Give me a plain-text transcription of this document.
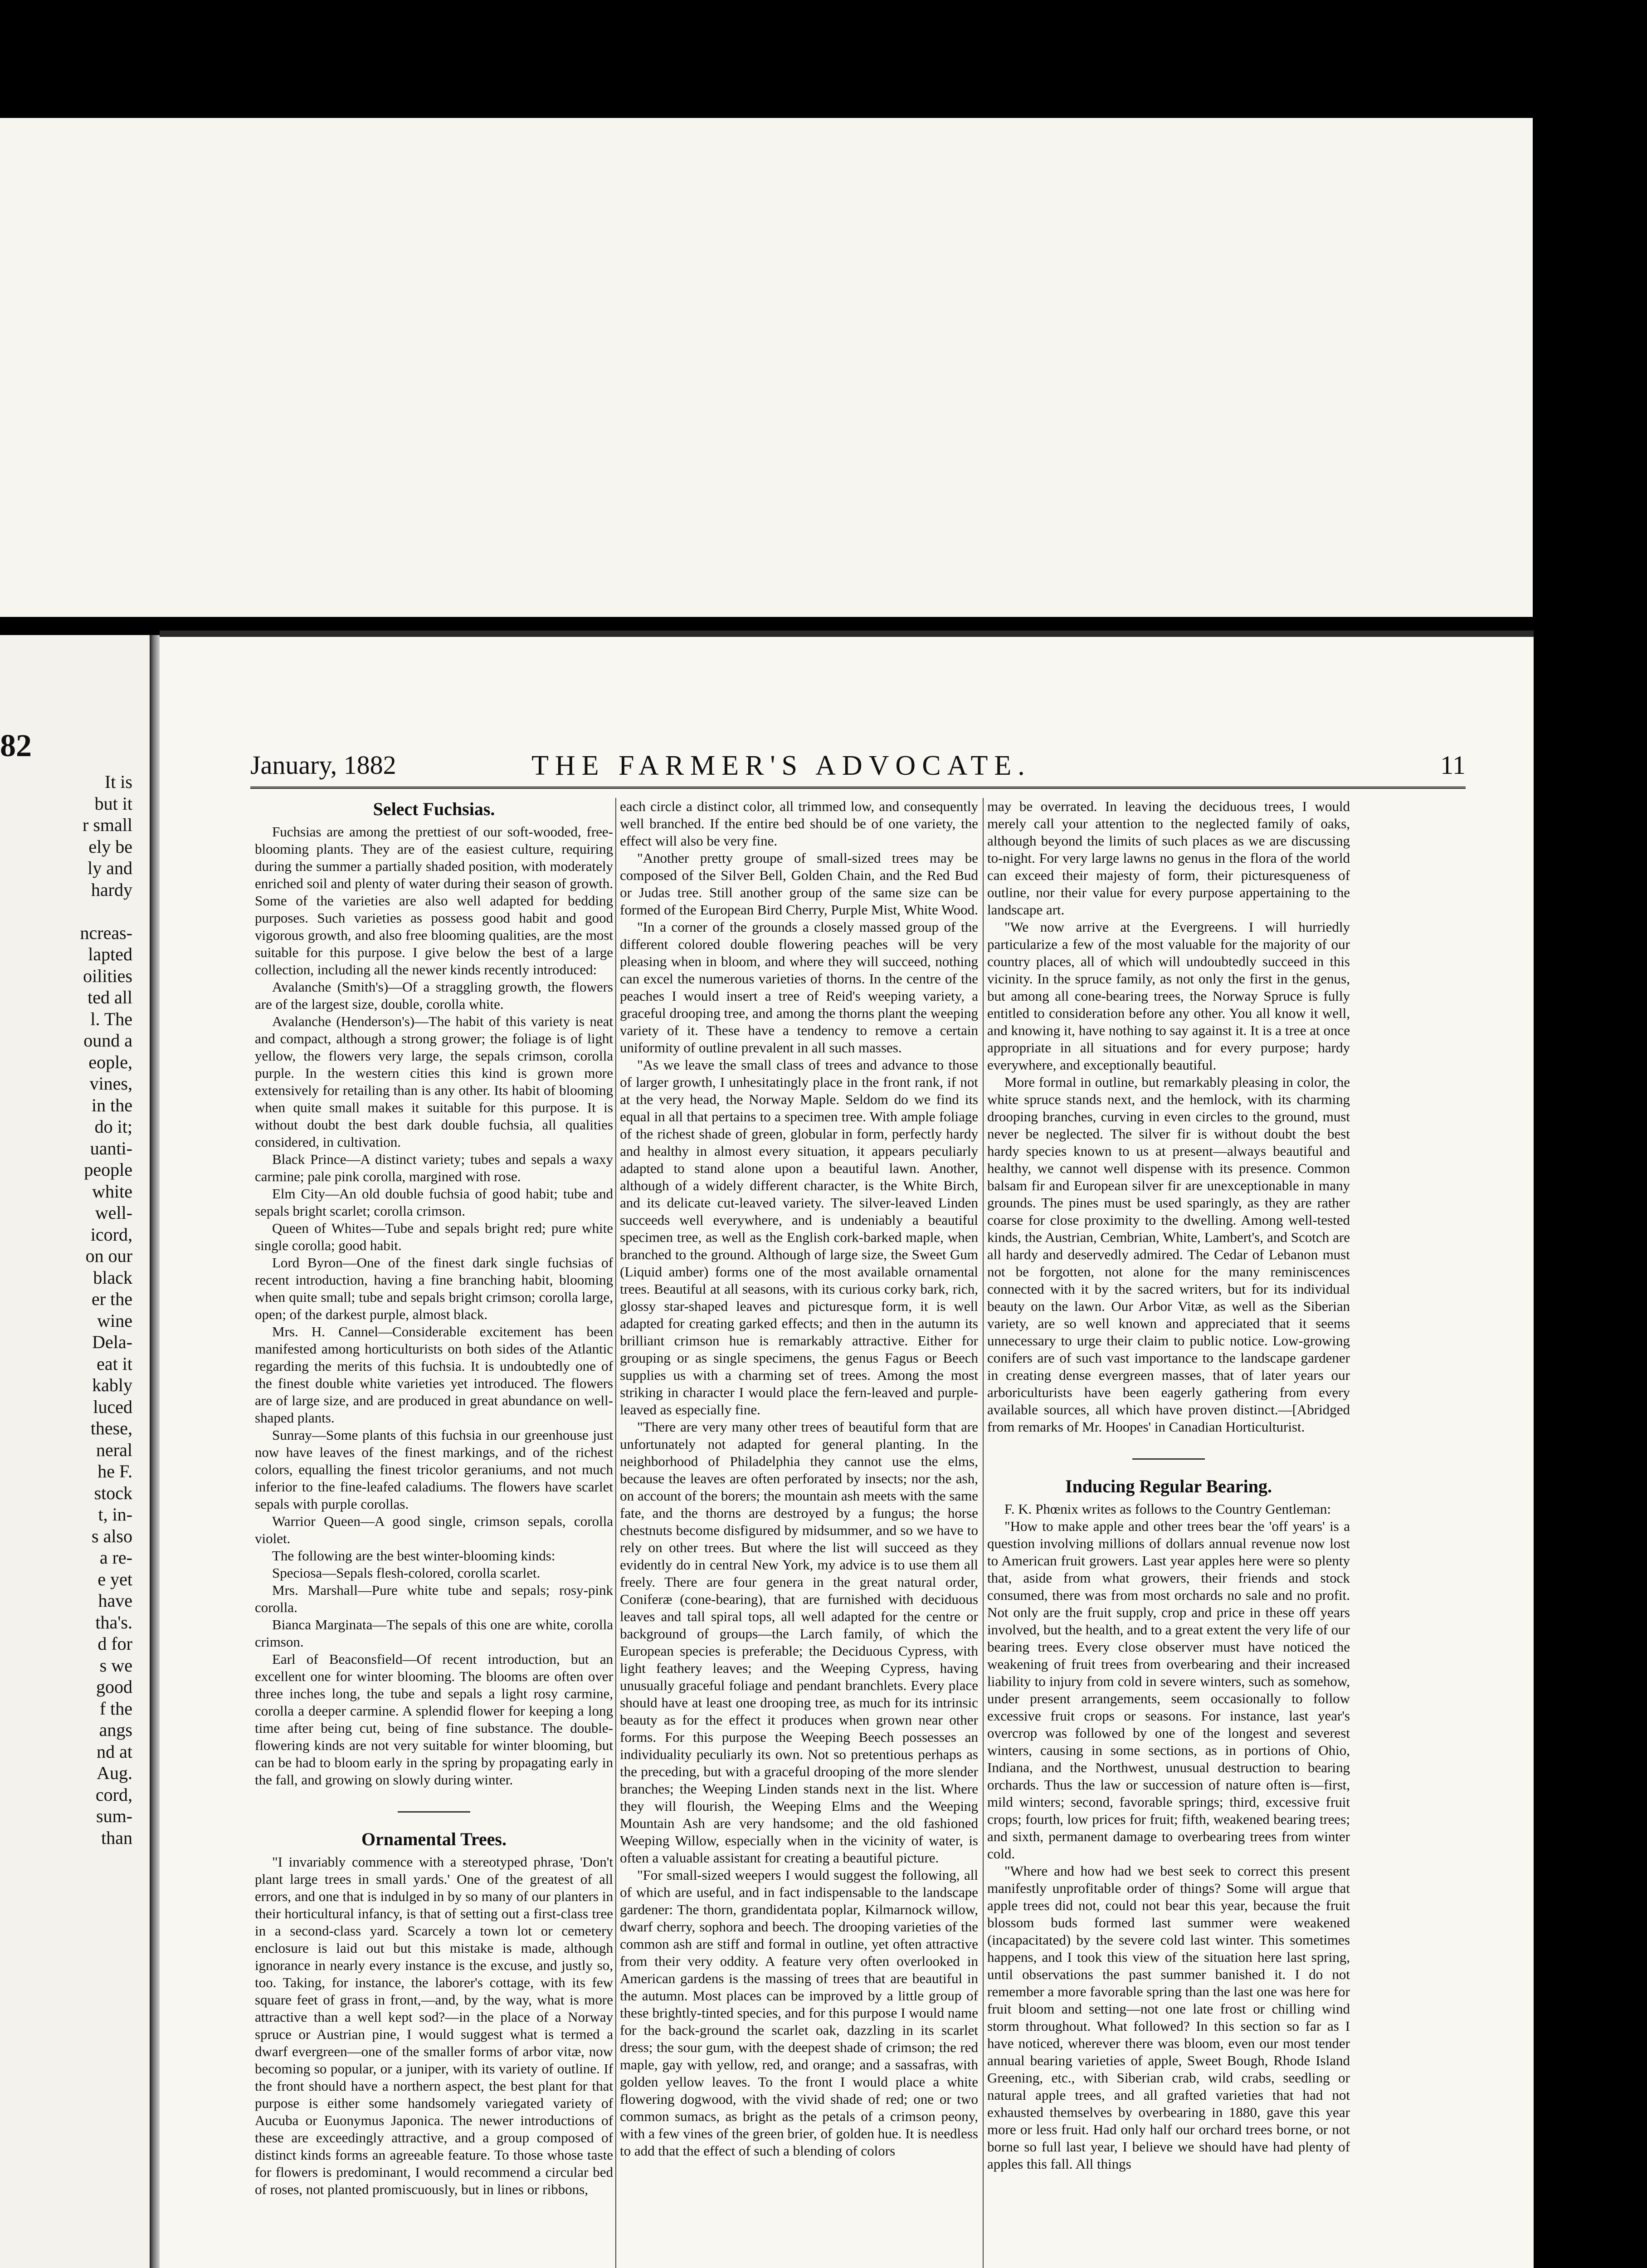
82
It is
but it
r small
ely be
ly and
hardy

ncreas-
lapted
oilities
ted all
l. The
ound a
eople,
vines,
in the
do it;
uanti-
people
white
well-
icord,
on our
black
er the
wine
Dela-
eat it
kably
luced
these,
neral
he F.
stock
t, in-
s also
a re-
e yet
have
tha's.
d for
s we
good
f the
angs
nd at
Aug.
cord,
sum-
than
January, 1882	THE FARMER'S ADVOCATE.	11
Select Fuchsias.

Fuchsias are among the prettiest of our soft-wooded, free-blooming plants. They are of the easiest culture, requiring during the summer a partially shaded position, with moderately enriched soil and plenty of water during their season of growth. Some of the varieties are also well adapted for bedding purposes. Such varieties as possess good habit and good vigorous growth, and also free blooming qualities, are the most suitable for this purpose. I give below the best of a large collection, including all the newer kinds recently introduced:

Avalanche (Smith's)—Of a straggling growth, the flowers are of the largest size, double, corolla white.

Avalanche (Henderson's)—The habit of this variety is neat and compact, although a strong grower; the foliage is of light yellow, the flowers very large, the sepals crimson, corolla purple. In the western cities this kind is grown more extensively for retailing than is any other. Its habit of blooming when quite small makes it suitable for this purpose. It is without doubt the best dark double fuchsia, all qualities considered, in cultivation.

Black Prince—A distinct variety; tubes and sepals a waxy carmine; pale pink corolla, margined with rose.

Elm City—An old double fuchsia of good habit; tube and sepals bright scarlet; corolla crimson.

Queen of Whites—Tube and sepals bright red; pure white single corolla; good habit.

Lord Byron—One of the finest dark single fuchsias of recent introduction, having a fine branching habit, blooming when quite small; tube and sepals bright crimson; corolla large, open; of the darkest purple, almost black.

Mrs. H. Cannel—Considerable excitement has been manifested among horticulturists on both sides of the Atlantic regarding the merits of this fuchsia. It is undoubtedly one of the finest double white varieties yet introduced. The flowers are of large size, and are produced in great abundance on well-shaped plants.

Sunray—Some plants of this fuchsia in our greenhouse just now have leaves of the finest markings, and of the richest colors, equalling the finest tricolor geraniums, and not much inferior to the fine-leafed caladiums. The flowers have scarlet sepals with purple corollas.

Warrior Queen—A good single, crimson sepals, corolla violet.

The following are the best winter-blooming kinds:

Speciosa—Sepals flesh-colored, corolla scarlet.

Mrs. Marshall—Pure white tube and sepals; rosy-pink corolla.

Bianca Marginata—The sepals of this one are white, corolla crimson.

Earl of Beaconsfield—Of recent introduction, but an excellent one for winter blooming. The blooms are often over three inches long, the tube and sepals a light rosy carmine, corolla a deeper carmine. A splendid flower for keeping a long time after being cut, being of fine substance. The double-flowering kinds are not very suitable for winter blooming, but can be had to bloom early in the spring by propagating early in the fall, and growing on slowly during winter.

Ornamental Trees.

"I invariably commence with a stereotyped phrase, 'Don't plant large trees in small yards.' One of the greatest of all errors, and one that is indulged in by so many of our planters in their horticultural infancy, is that of setting out a first-class tree in a second-class yard. Scarcely a town lot or cemetery enclosure is laid out but this mistake is made, although ignorance in nearly every instance is the excuse, and justly so, too. Taking, for instance, the laborer's cottage, with its few square feet of grass in front,—and, by the way, what is more attractive than a well kept sod?—in the place of a Norway spruce or Austrian pine, I would suggest what is termed a dwarf evergreen—one of the smaller forms of arbor vitæ, now becoming so popular, or a juniper, with its variety of outline. If the front should have a northern aspect, the best plant for that purpose is either some handsomely variegated variety of Aucuba or Euonymus Japonica. The newer introductions of these are exceedingly attractive, and a group composed of distinct kinds forms an agreeable feature. To those whose taste for flowers is predominant, I would recommend a circular bed of roses, not planted promiscuously, but in lines or ribbons,

each circle a distinct color, all trimmed low, and consequently well branched. If the entire bed should be of one variety, the effect will also be very fine.

"Another pretty groupe of small-sized trees may be composed of the Silver Bell, Golden Chain, and the Red Bud or Judas tree. Still another group of the same size can be formed of the European Bird Cherry, Purple Mist, White Wood.

"In a corner of the grounds a closely massed group of the different colored double flowering peaches will be very pleasing when in bloom, and where they will succeed, nothing can excel the numerous varieties of thorns. In the centre of the peaches I would insert a tree of Reid's weeping variety, a graceful drooping tree, and among the thorns plant the weeping variety of it. These have a tendency to remove a certain uniformity of outline prevalent in all such masses.

"As we leave the small class of trees and advance to those of larger growth, I unhesitatingly place in the front rank, if not at the very head, the Norway Maple. Seldom do we find its equal in all that pertains to a specimen tree. With ample foliage of the richest shade of green, globular in form, perfectly hardy and healthy in almost every situation, it appears peculiarly adapted to stand alone upon a beautiful lawn. Another, although of a widely different character, is the White Birch, and its delicate cut-leaved variety. The silver-leaved Linden succeeds well everywhere, and is undeniably a beautiful specimen tree, as well as the English cork-barked maple, when branched to the ground. Although of large size, the Sweet Gum (Liquid amber) forms one of the most available ornamental trees. Beautiful at all seasons, with its curious corky bark, rich, glossy star-shaped leaves and picturesque form, it is well adapted for creating garked effects; and then in the autumn its brilliant crimson hue is remarkably attractive. Either for grouping or as single specimens, the genus Fagus or Beech supplies us with a charming set of trees. Among the most striking in character I would place the fern-leaved and purple-leaved as especially fine.

"There are very many other trees of beautiful form that are unfortunately not adapted for general planting. In the neighborhood of Philadelphia they cannot use the elms, because the leaves are often perforated by insects; nor the ash, on account of the borers; the mountain ash meets with the same fate, and the thorns are destroyed by a fungus; the horse chestnuts become disfigured by midsummer, and so we have to rely on other trees. But where the list will succeed as they evidently do in central New York, my advice is to use them all freely. There are four genera in the great natural order, Coniferæ (cone-bearing), that are furnished with deciduous leaves and tall spiral tops, all well adapted for the centre or background of groups—the Larch family, of which the European species is preferable; the Deciduous Cypress, with light feathery leaves; and the Weeping Cypress, having unusually graceful foliage and pendant branchlets. Every place should have at least one drooping tree, as much for its intrinsic beauty as for the effect it produces when grown near other forms. For this purpose the Weeping Beech possesses an individuality peculiarly its own. Not so pretentious perhaps as the preceding, but with a graceful drooping of the more slender branches; the Weeping Linden stands next in the list. Where they will flourish, the Weeping Elms and the Weeping Mountain Ash are very handsome; and the old fashioned Weeping Willow, especially when in the vicinity of water, is often a valuable assistant for creating a beautiful picture.

"For small-sized weepers I would suggest the following, all of which are useful, and in fact indispensable to the landscape gardener: The thorn, grandidentata poplar, Kilmarnock willow, dwarf cherry, sophora and beech. The drooping varieties of the common ash are stiff and formal in outline, yet often attractive from their very oddity. A feature very often overlooked in American gardens is the massing of trees that are beautiful in the autumn. Most places can be improved by a little group of these brightly-tinted species, and for this purpose I would name for the back-ground the scarlet oak, dazzling in its scarlet dress; the sour gum, with the deepest shade of crimson; the red maple, gay with yellow, red, and orange; and a sassafras, with golden yellow leaves. To the front I would place a white flowering dogwood, with the vivid shade of red; one or two common sumacs, as bright as the petals of a crimson peony, with a few vines of the green brier, of golden hue. It is needless to add that the effect of such a blending of colors

may be overrated. In leaving the deciduous trees, I would merely call your attention to the neglected family of oaks, although beyond the limits of such places as we are discussing to-night. For very large lawns no genus in the flora of the world can exceed their majesty of form, their picturesqueness of outline, nor their value for every purpose appertaining to the landscape art.

"We now arrive at the Evergreens. I will hurriedly particularize a few of the most valuable for the majority of our country places, all of which will undoubtedly succeed in this vicinity. In the spruce family, as not only the first in the genus, but among all cone-bearing trees, the Norway Spruce is fully entitled to consideration before any other. You all know it well, and knowing it, have nothing to say against it. It is a tree at once appropriate in all situations and for every purpose; hardy everywhere, and exceptionally beautiful.

More formal in outline, but remarkably pleasing in color, the white spruce stands next, and the hemlock, with its charming drooping branches, curving in even circles to the ground, must never be neglected. The silver fir is without doubt the best hardy species known to us at present—always beautiful and healthy, we cannot well dispense with its presence. Common balsam fir and European silver fir are unexceptionable in many grounds. The pines must be used sparingly, as they are rather coarse for close proximity to the dwelling. Among well-tested kinds, the Austrian, Cembrian, White, Lambert's, and Scotch are all hardy and deservedly admired. The Cedar of Lebanon must not be forgotten, not alone for the many reminiscences connected with it by the sacred writers, but for its individual beauty on the lawn. Our Arbor Vitæ, as well as the Siberian variety, are so well known and appreciated that it seems unnecessary to urge their claim to public notice. Low-growing conifers are of such vast importance to the landscape gardener in creating dense evergreen masses, that of later years our arboriculturists have been eagerly gathering from every available sources, all which have proven distinct.—[Abridged from remarks of Mr. Hoopes' in Canadian Horticulturist.

Inducing Regular Bearing.

F. K. Phœnix writes as follows to the Country Gentleman:

"How to make apple and other trees bear the 'off years' is a question involving millions of dollars annual revenue now lost to American fruit growers. Last year apples here were so plenty that, aside from what growers, their friends and stock consumed, there was from most orchards no sale and no profit. Not only are the fruit supply, crop and price in these off years involved, but the health, and to a great extent the very life of our bearing trees. Every close observer must have noticed the weakening of fruit trees from overbearing and their increased liability to injury from cold in severe winters, such as somehow, under present arrangements, seem occasionally to follow excessive fruit crops or seasons. For instance, last year's overcrop was followed by one of the longest and severest winters, causing in some sections, as in portions of Ohio, Indiana, and the Northwest, unusual destruction to bearing orchards. Thus the law or succession of nature often is—first, mild winters; second, favorable springs; third, excessive fruit crops; fourth, low prices for fruit; fifth, weakened bearing trees; and sixth, permanent damage to overbearing trees from winter cold.

"Where and how had we best seek to correct this present manifestly unprofitable order of things? Some will argue that apple trees did not, could not bear this year, because the fruit blossom buds formed last summer were weakened (incapacitated) by the severe cold last winter. This sometimes happens, and I took this view of the situation here last spring, until observations the past summer banished it. I do not remember a more favorable spring than the last one was here for fruit bloom and setting—not one late frost or chilling wind storm throughout. What followed? In this section so far as I have noticed, wherever there was bloom, even our most tender annual bearing varieties of apple, Sweet Bough, Rhode Island Greening, etc., with Siberian crab, wild crabs, seedling or natural apple trees, and all grafted varieties that had not exhausted themselves by overbearing in 1880, gave this year more or less fruit. Had only half our orchard trees borne, or not borne so full last year, I believe we should have had plenty of apples this fall. All things
